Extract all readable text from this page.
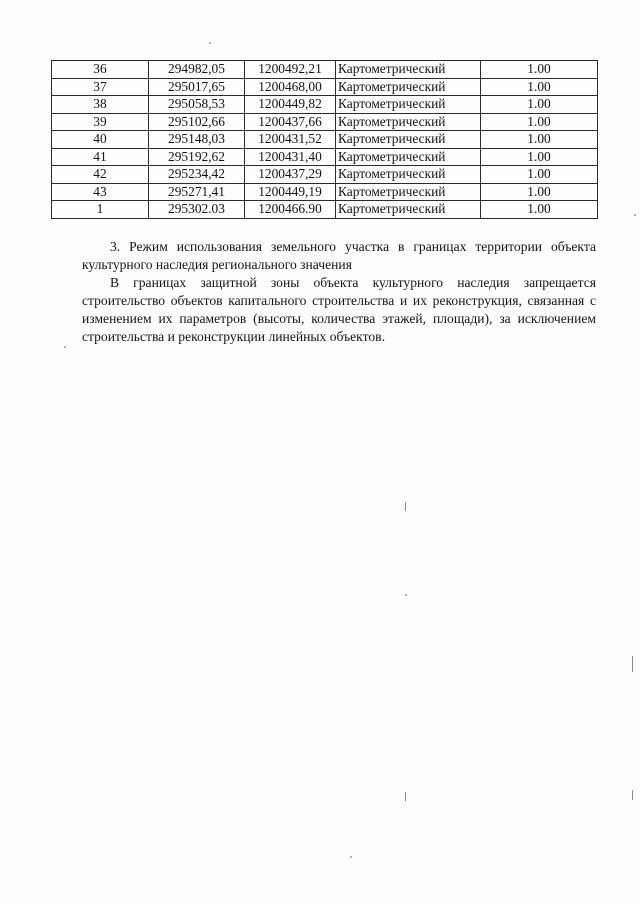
36	294982,05	1200492,21	Картометрический	1.00
37	295017,65	1200468,00	Картометрический	1.00
38	295058,53	1200449,82	Картометрический	1.00
39	295102,66	1200437,66	Картометрический	1.00
40	295148,03	1200431,52	Картометрический	1.00
41	295192,62	1200431,40	Картометрический	1.00
42	295234,42	1200437,29	Картометрический	1.00
43	295271,41	1200449,19	Картометрический	1.00
1	295302.03	1200466.90	Картометрический	1.00

3. Режим использования земельного участка в границах территории объекта культурного наследия регионального значения

В границах защитной зоны объекта культурного наследия запрещается строительство объектов капитального строительства и их реконструкция, связанная с изменением их параметров (высоты, количества этажей, площади), за исключением строительства и реконструкции линейных объектов.
